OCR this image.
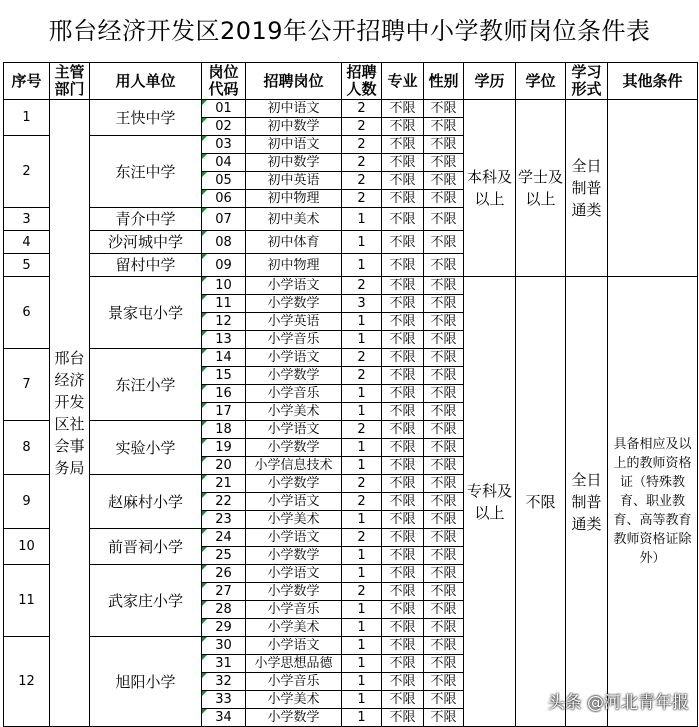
邢台经济开发区2019年公开招聘中小学教师岗位条件表
序号	主管部门	用人单位	岗位代码	招聘岗位	招聘人数	专业	性别	学历	学位	学习形式	其他条件
1	邢台经济开发区社会事务局	王快中学	01	初中语文	2	不限	不限	本科及以上	学士及以上	全日制普通类	
			02	初中数学	2	不限	不限				
2		东汪中学	03	初中语文	2	不限	不限				
			04	初中数学	2	不限	不限				
			05	初中英语	2	不限	不限				
			06	初中物理	2	不限	不限				
3		青介中学	07	初中美术	1	不限	不限				
4		沙河城中学	08	初中体育	1	不限	不限				
5		留村中学	09	初中物理	1	不限	不限				
6		景家屯小学	10	小学语文	2	不限	不限	专科及以上	不限	全日制普通类	具备相应及以上的教师资格证（特殊教育、职业教育、高等教育教师资格证除外）
			11	小学数学	3	不限	不限				
			12	小学英语	1	不限	不限				
			13	小学音乐	1	不限	不限				
7		东汪小学	14	小学语文	2	不限	不限				
			15	小学数学	2	不限	不限				
			16	小学音乐	1	不限	不限				
			17	小学美术	1	不限	不限				
8		实验小学	18	小学语文	2	不限	不限				
			19	小学数学	1	不限	不限				
			20	小学信息技术	1	不限	不限				
9		赵麻村小学	21	小学数学	2	不限	不限				
			22	小学语文	2	不限	不限				
			23	小学美术	1	不限	不限				
10		前晋祠小学	24	小学语文	2	不限	不限				
			25	小学数学	1	不限	不限				
11		武家庄小学	26	小学语文	1	不限	不限				
			27	小学数学	2	不限	不限				
			28	小学音乐	1	不限	不限				
			29	小学美术	1	不限	不限				
12		旭阳小学	30	小学语文	1	不限	不限				
			31	小学思想品德	1	不限	不限				
			32	小学音乐	1	不限	不限				
			33	小学美术	1	不限	不限				
			34	小学数学	1	不限	不限				
头条 @河北青年报
